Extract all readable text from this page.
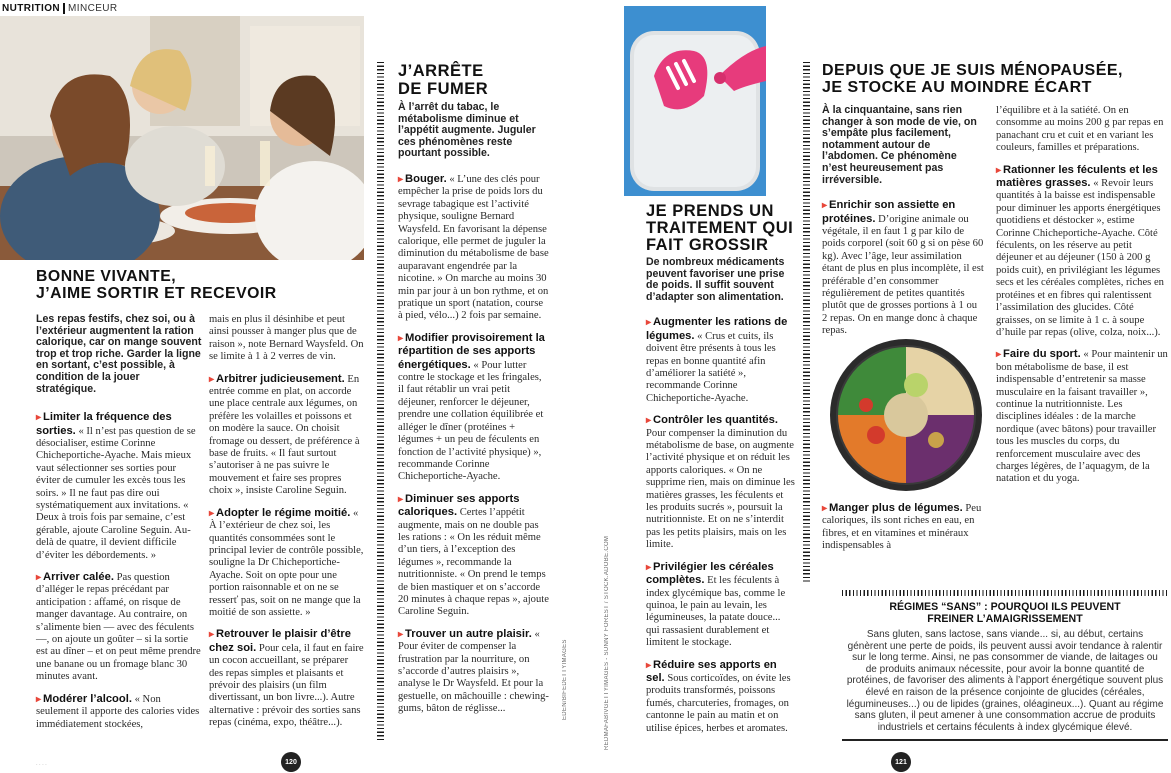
NUTRITION MINCEUR
BONNE VIVANTE,
J’AIME SORTIR ET RECEVOIR
Les repas festifs, chez soi, ou à l’extérieur augmentent la ration calorique, car on mange souvent trop et trop riche. Garder la ligne en sortant, c’est possible, à condition de la jouer stratégique.
▸ Limiter la fréquence des sorties. « Il n’est pas question de se désocialiser, estime Corinne Chicheportiche-Ayache. Mais mieux vaut sélectionner ses sorties pour éviter de cumuler les excès tous les soirs. » Il ne faut pas dire oui systématiquement aux invitations. « Deux à trois fois par semaine, c’est gérable, ajoute Caroline Seguin. Au-delà de quatre, il devient difficile d’éviter les débordements. »
▸ Arriver calée. Pas question d’alléger le repas précédant par anticipation : affamé, on risque de manger davantage. Au contraire, on s’alimente bien — avec des féculents —, on ajoute un goûter – si la sortie est au dîner – et on peut même prendre une banane ou un fromage blanc 30 minutes avant.
▸ Modérer l’alcool. « Non seulement il apporte des calories vides immédiatement stockées,
mais en plus il désinhibe et peut ainsi pousser à manger plus que de raison », note Bernard Waysfeld. On se limite à 1 à 2 verres de vin.
▸ Arbitrer judicieusement. En entrée comme en plat, on accorde une place centrale aux légumes, on préfère les volailles et poissons et on modère la sauce. On choisit fromage ou dessert, de préférence à base de fruits. « Il faut surtout s’autoriser à ne pas suivre le mouvement et faire ses propres choix », insiste Caroline Seguin.
▸ Adopter le régime moitié. « À l’extérieur de chez soi, les quantités consommées sont le principal levier de contrôle possible, souligne la Dr Chicheportiche-Ayache. Soit on opte pour une portion raisonnable et on ne se resserť pas, soit on ne mange que la moitié de son assiette. »
▸ Retrouver le plaisir d’être chez soi. Pour cela, il faut en faire un cocon accueillant, se préparer des repas simples et plaisants et prévoir des plaisirs (un film divertissant, un bon livre...). Autre alternative : prévoir des sorties sans repas (cinéma, expo, théâtre...).
J’ARRÊTE
DE FUMER
À l’arrêt du tabac, le métabolisme diminue et l’appétit augmente. Juguler ces phénomènes reste pourtant possible.
▸ Bouger. « L’une des clés pour empêcher la prise de poids lors du sevrage tabagique est l’activité physique, souligne Bernard Waysfeld. En favorisant la dépense calorique, elle permet de juguler la diminution du métabolisme de base auparavant engendrée par la nicotine. » On marche au moins 30 min par jour à un bon rythme, et on pratique un sport (natation, course à pied, vélo...) 2 fois par semaine.
▸ Modifier provisoirement la répartition de ses apports énergétiques. « Pour lutter contre le stockage et les fringales, il faut rétablir un vrai petit déjeuner, renforcer le déjeuner, prendre une collation équilibrée et alléger le dîner (protéines + légumes + un peu de féculents en fonction de l’activité physique) », recommande Corinne Chicheportiche-Ayache.
▸ Diminuer ses apports caloriques. Certes l’appétit augmente, mais on ne double pas les rations : « On les réduit même d’un tiers, à l’exception des légumes », recommande la nutritionniste. « On prend le temps de bien mastiquer et on s’accorde 20 minutes à chaque repas », ajoute Caroline Seguin.
▸ Trouver un autre plaisir. « Pour éviter de compenser la frustration par la nourriture, on s’accorde d’autres plaisirs », analyse le Dr Waysfeld. Et pour la gestuelle, on mâchouille : chewing-gums, bâton de réglisse...	EDEN/BIFEDETTYIMAGES
120
· · · ·
REDMAFABIVGETTYIMAGES - SUNNY FOREST / STOCK.ADOBE.COM
JE PRENDS UN
TRAITEMENT QUI
FAIT GROSSIR
De nombreux médicaments peuvent favoriser une prise de poids. Il suffit souvent d’adapter son alimentation.
▸ Augmenter les rations de légumes. « Crus et cuits, ils doivent être présents à tous les repas en bonne quantité afin d’améliorer la satiété », recommande Corinne Chicheportiche-Ayache.
▸ Contrôler les quantités. Pour compenser la diminution du métabolisme de base, on augmente l’activité physique et on réduit les apports caloriques. « On ne supprime rien, mais on diminue les matières grasses, les féculents et les produits sucrés », poursuit la nutritionniste. Et on ne s’interdit pas les petits plaisirs, mais on les limite.
▸ Privilégier les céréales complètes. Et les féculents à index glycémique bas, comme le quinoa, le pain au levain, les légumineuses, la patate douce... qui rassasient durablement et limitent le stockage.
▸ Réduire ses apports en sel. Sous corticoïdes, on évite les produits transformés, poissons fumés, charcuteries, fromages, on cantonne le pain au matin et on utilise épices, herbes et aromates.
DEPUIS QUE JE SUIS MÉNOPAUSÉE,
JE STOCKE AU MOINDRE ÉCART
À la cinquantaine, sans rien changer à son mode de vie, on s’empâte plus facilement, notamment autour de l’abdomen. Ce phénomène n’est heureusement pas irréversible.
▸ Enrichir son assiette en protéines. D’origine animale ou végétale, il en faut 1 g par kilo de poids corporel (soit 60 g si on pèse 60 kg). Avec l’âge, leur assimilation étant de plus en plus incomplète, il est préférable d’en consommer régulièrement de petites quantités plutôt que de grosses portions à 1 ou 2 repas. On en mange donc à chaque repas.
▸ Manger plus de légumes. Peu caloriques, ils sont riches en eau, en fibres, et en vitamines et minéraux indispensables à
l’équilibre et à la satiété. On en consomme au moins 200 g par repas en panachant cru et cuit et en variant les couleurs, familles et préparations.
▸ Rationner les féculents et les matières grasses. « Revoir leurs quantités à la baisse est indispensable pour diminuer les apports énergétiques quotidiens et déstocker », estime Corinne Chicheportiche-Ayache. Côté féculents, on les réserve au petit déjeuner et au déjeuner (150 à 200 g poids cuit), en privilégiant les légumes secs et les céréales complètes, riches en protéines et en fibres qui ralentissent l’assimilation des glucides. Côté graisses, on se limite à 1 c. à soupe d’huile par repas (olive, colza, noix...).
▸ Faire du sport. « Pour maintenir un bon métabolisme de base, il est indispensable d’entretenir sa masse musculaire en la faisant travailler », continue la nutritionniste. Les disciplines idéales : de la marche nordique (avec bâtons) pour travailler tous les muscles du corps, du renforcement musculaire avec des charges légères, de l’aquagym, de la natation et du yoga.
RÉGIMES “SANS” : POURQUOI ILS PEUVENT
FREINER L’AMAIGRISSEMENT
Sans gluten, sans lactose, sans viande... si, au début, certains génèrent une perte de poids, ils peuvent aussi avoir tendance à ralentir sur le long terme. Ainsi, ne pas consommer de viande, de laitages ou de produits animaux nécessite, pour avoir la bonne quantité de protéines, de favoriser des aliments à l’apport énergétique souvent plus élevé en raison de la présence conjointe de glucides (céréales, légumineuses...) ou de lipides (graines, oléagineux...). Quant au régime sans gluten, il peut amener à une consommation accrue de produits industriels et certains féculents à index glycémique élevé.
121
